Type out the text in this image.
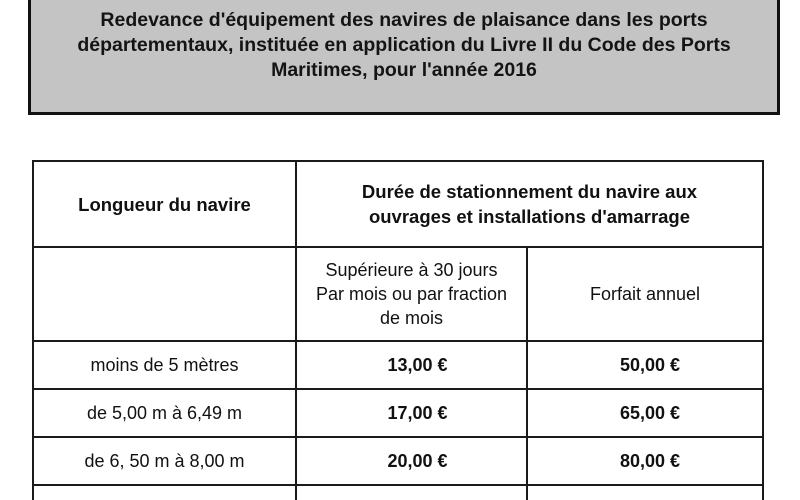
Redevance d'équipement des navires de plaisance dans les ports
départementaux, instituée en application du Livre II du Code des Ports
Maritimes, pour l'année 2016
Longueur du navire	Durée de stationnement du navire aux
ouvrages et installations d'amarrage	

	Supérieure à 30 jours
Par mois ou par fraction
de mois	Forfait annuel

moins de 5 mètres	13,00 €	50,00 €
de 5,00 m à 6,49 m	17,00 €	65,00 €
de 6, 50 m à 8,00 m	20,00 €	80,00 €
